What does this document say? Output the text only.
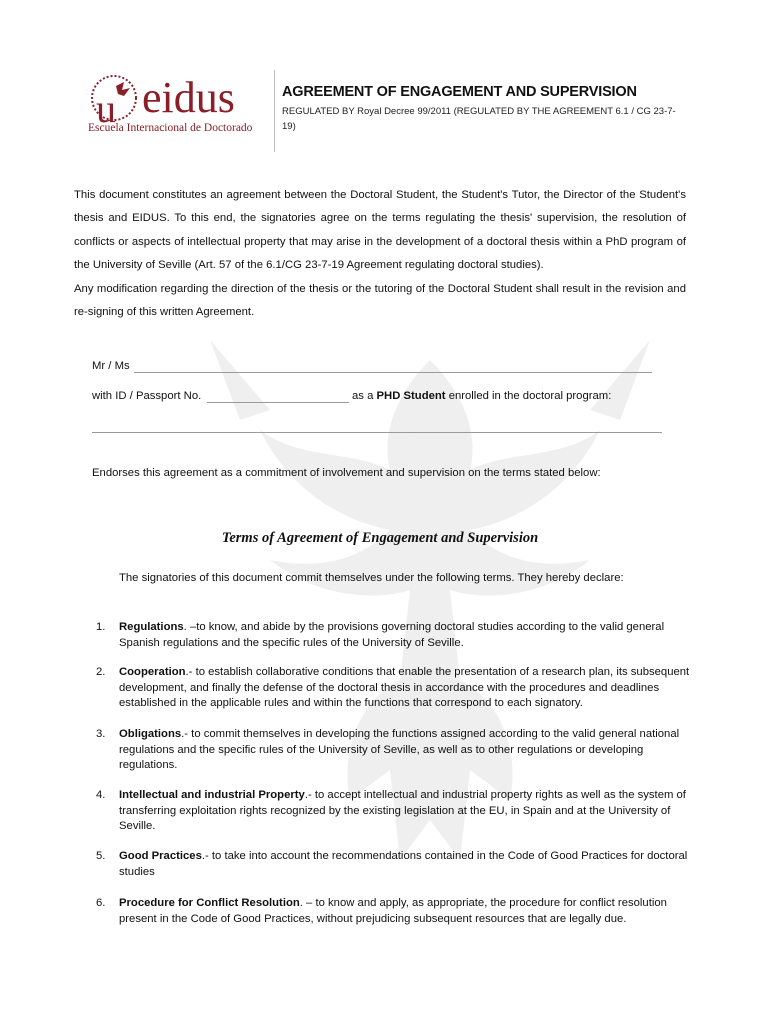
u eidus
Escuela Internacional de Doctorado
AGREEMENT OF ENGAGEMENT AND SUPERVISION
REGULATED BY Royal Decree 99/2011 (REGULATED BY THE AGREEMENT 6.1 / CG 23-7-19)

This document constitutes an agreement between the Doctoral Student, the Student's Tutor, the Director of the Student's thesis and EIDUS. To this end, the signatories agree on the terms regulating the thesis' supervision, the resolution of conflicts or aspects of intellectual property that may arise in the development of a doctoral thesis within a PhD program of the University of Seville (Art. 57 of the 6.1/CG 23-7-19 Agreement regulating doctoral studies).

Any modification regarding the direction of the thesis or the tutoring of the Doctoral Student shall result in the revision and re-signing of this written Agreement.

Mr / Ms
with ID / Passport No.	as a PHD Student enrolled in the doctoral program:
Endorses this agreement as a commitment of involvement and supervision on the terms stated below:
Terms of Agreement of Engagement and Supervision
The signatories of this document commit themselves under the following terms. They hereby declare:
1.	Regulations. –to know, and abide by the provisions governing doctoral studies according to the valid general Spanish regulations and the specific rules of the University of Seville.
2.	Cooperation.- to establish collaborative conditions that enable the presentation of a research plan, its subsequent development, and finally the defense of the doctoral thesis in accordance with the procedures and deadlines established in the applicable rules and within the functions that correspond to each signatory.
3.	Obligations.- to commit themselves in developing the functions assigned according to the valid general national regulations and the specific rules of the University of Seville, as well as to other regulations or developing regulations.
4.	Intellectual and industrial Property.- to accept intellectual and industrial property rights as well as the system of transferring exploitation rights recognized by the existing legislation at the EU, in Spain and at the University of Seville.
5.	Good Practices.- to take into account the recommendations contained in the Code of Good Practices for doctoral studies
6.	Procedure for Conflict Resolution. – to know and apply, as appropriate, the procedure for conflict resolution present in the Code of Good Practices, without prejudicing subsequent resources that are legally due.
